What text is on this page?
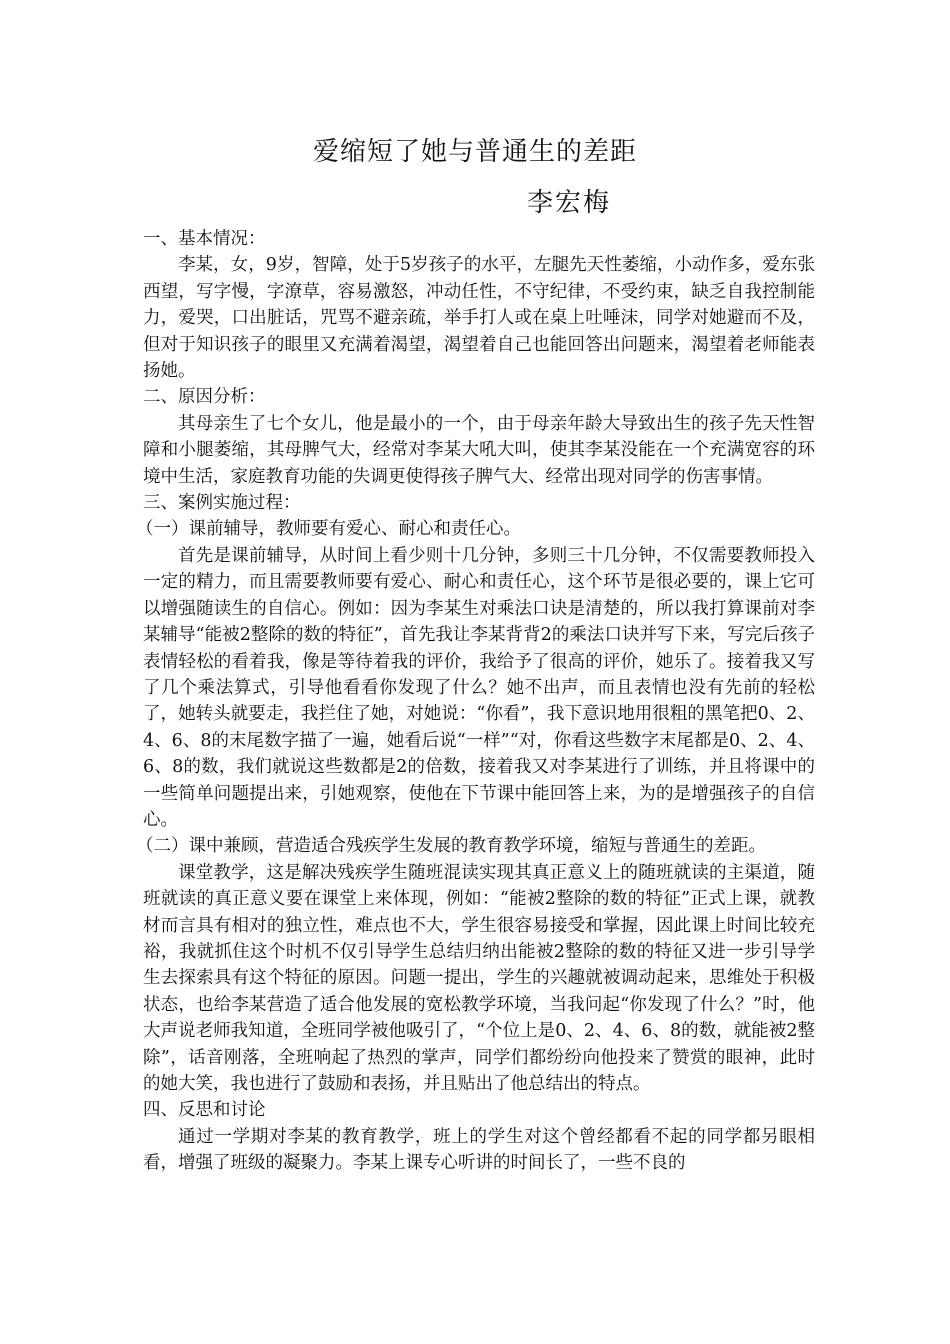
爱缩短了她与普通生的差距
李宏梅

一、基本情况：

李某，女，9岁，智障，处于5岁孩子的水平，左腿先天性萎缩，小动作多，爱东张西望，写字慢，字潦草，容易激怒，冲动任性，不守纪律，不受约束，缺乏自我控制能力，爱哭，口出脏话，咒骂不避亲疏，举手打人或在桌上吐唾沫，同学对她避而不及，但对于知识孩子的眼里又充满着渴望，渴望着自己也能回答出问题来，渴望着老师能表扬她。

二、原因分析：

其母亲生了七个女儿，他是最小的一个，由于母亲年龄大导致出生的孩子先天性智障和小腿萎缩，其母脾气大，经常对李某大吼大叫，使其李某没能在一个充满宽容的环境中生活，家庭教育功能的失调更使得孩子脾气大、经常出现对同学的伤害事情。

三、案例实施过程：

（一）课前辅导，教师要有爱心、耐心和责任心。

首先是课前辅导，从时间上看少则十几分钟，多则三十几分钟，不仅需要教师投入一定的精力，而且需要教师要有爱心、耐心和责任心，这个环节是很必要的，课上它可以增强随读生的自信心。例如：因为李某生对乘法口诀是清楚的，所以我打算课前对李某辅导“能被2整除的数的特征”，首先我让李某背背2的乘法口诀并写下来，写完后孩子表情轻松的看着我，像是等待着我的评价，我给予了很高的评价，她乐了。接着我又写了几个乘法算式，引导他看看你发现了什么？她不出声，而且表情也没有先前的轻松了，她转头就要走，我拦住了她，对她说：“你看”，我下意识地用很粗的黑笔把0、2、4、6、8的末尾数字描了一遍，她看后说“一样”“对，你看这些数字末尾都是0、2、4、6、8的数，我们就说这些数都是2的倍数，接着我又对李某进行了训练，并且将课中的一些简单问题提出来，引她观察，使他在下节课中能回答上来，为的是增强孩子的自信心。

（二）课中兼顾，营造适合残疾学生发展的教育教学环境，缩短与普通生的差距。

课堂教学，这是解决残疾学生随班混读实现其真正意义上的随班就读的主渠道，随班就读的真正意义要在课堂上来体现，例如：“能被2整除的数的特征”正式上课，就教材而言具有相对的独立性，难点也不大，学生很容易接受和掌握，因此课上时间比较充裕，我就抓住这个时机不仅引导学生总结归纳出能被2整除的数的特征又进一步引导学生去探索具有这个特征的原因。问题一提出，学生的兴趣就被调动起来，思维处于积极状态，也给李某营造了适合他发展的宽松教学环境，当我问起“你发现了什么？”时，他大声说老师我知道，全班同学被他吸引了，“个位上是0、2、4、6、8的数，就能被2整除”，话音刚落，全班响起了热烈的掌声，同学们都纷纷向他投来了赞赏的眼神，此时的她大笑，我也进行了鼓励和表扬，并且贴出了他总结出的特点。

四、反思和讨论

通过一学期对李某的教育教学，班上的学生对这个曾经都看不起的同学都另眼相看，增强了班级的凝聚力。李某上课专心听讲的时间长了，一些不良的
